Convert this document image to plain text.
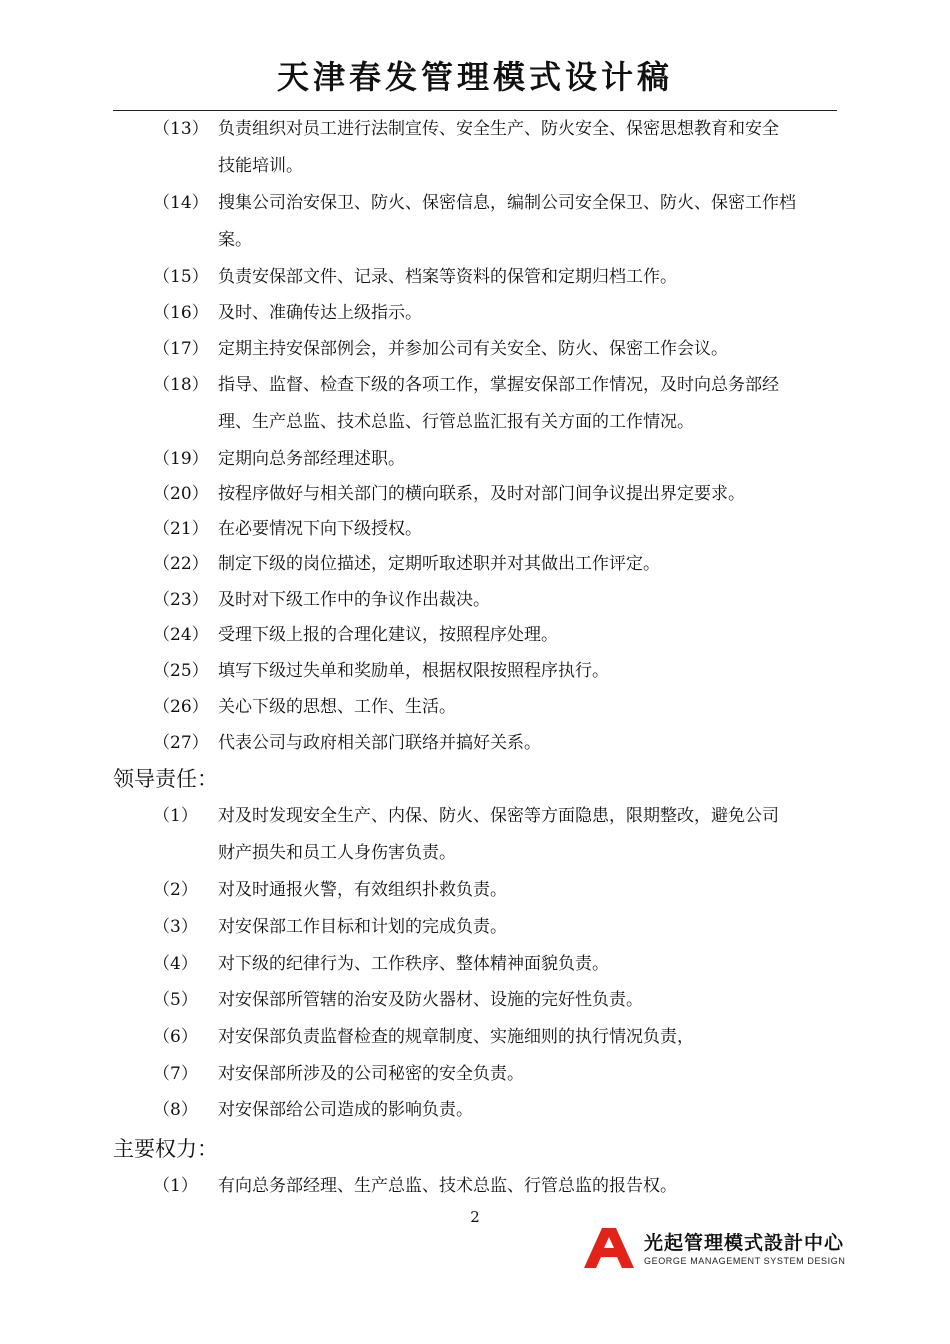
天津春发管理模式设计稿
（13） 负责组织对员工进行法制宣传、安全生产、防火安全、保密思想教育和安全
技能培训。
（14） 搜集公司治安保卫、防火、保密信息，编制公司安全保卫、防火、保密工作档
案。
（15） 负责安保部文件、记录、档案等资料的保管和定期归档工作。
（16） 及时、准确传达上级指示。
（17） 定期主持安保部例会，并参加公司有关安全、防火、保密工作会议。
（18） 指导、监督、检查下级的各项工作，掌握安保部工作情况，及时向总务部经
理、生产总监、技术总监、行管总监汇报有关方面的工作情况。
（19） 定期向总务部经理述职。
（20） 按程序做好与相关部门的横向联系，及时对部门间争议提出界定要求。
（21） 在必要情况下向下级授权。
（22） 制定下级的岗位描述，定期听取述职并对其做出工作评定。
（23） 及时对下级工作中的争议作出裁决。
（24） 受理下级上报的合理化建议，按照程序处理。
（25） 填写下级过失单和奖励单，根据权限按照程序执行。
（26） 关心下级的思想、工作、生活。
（27） 代表公司与政府相关部门联络并搞好关系。
领导责任：
（1）	对及时发现安全生产、内保、防火、保密等方面隐患，限期整改，避免公司
财产损失和员工人身伤害负责。
（2）	对及时通报火警，有效组织扑救负责。
（3）	对安保部工作目标和计划的完成负责。
（4）	对下级的纪律行为、工作秩序、整体精神面貌负责。
（5）	对安保部所管辖的治安及防火器材、设施的完好性负责。
（6）	对安保部负责监督检查的规章制度、实施细则的执行情况负责，
（7）	对安保部所涉及的公司秘密的安全负责。
（8）	对安保部给公司造成的影响负责。
主要权力：
（1）	有向总务部经理、生产总监、技术总监、行管总监的报告权。
2
光起管理模式設計中心
GEORGE MANAGEMENT SYSTEM DESIGN
